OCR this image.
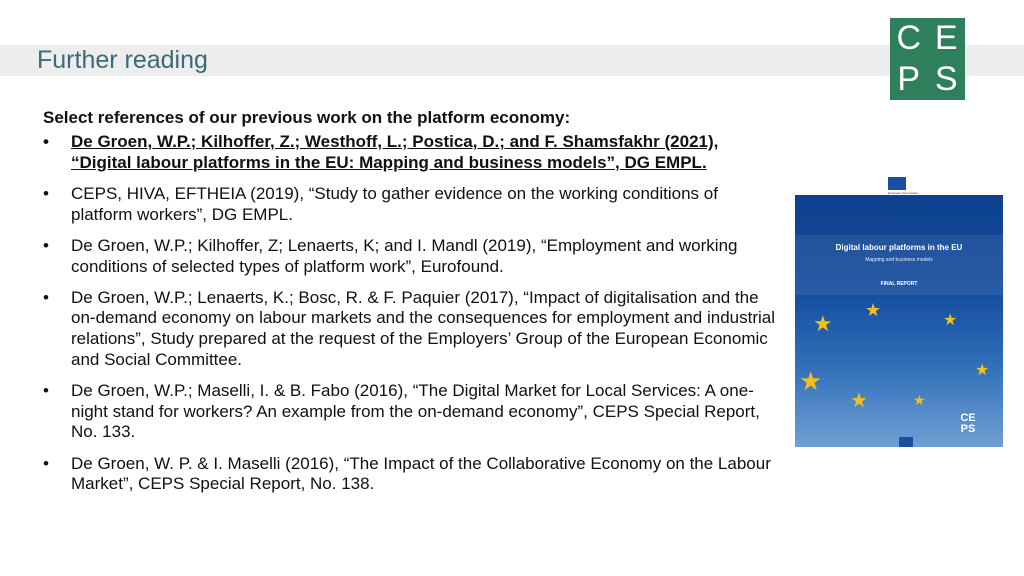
Further reading
C E
P S

Select references of our previous work on the platform economy:

• De Groen, W.P.; Kilhoffer, Z.; Westhoff, L.; Postica, D.; and F. Shamsfakhr (2021), “Digital labour platforms in the EU: Mapping and business models”, DG EMPL.
• CEPS, HIVA, EFTHEIA (2019), “Study to gather evidence on the working conditions of platform workers”, DG EMPL.
• De Groen, W.P.; Kilhoffer, Z; Lenaerts, K; and I. Mandl (2019), “Employment and working conditions of selected types of platform work”, Eurofound.
• De Groen, W.P.; Lenaerts, K.; Bosc, R. & F. Paquier (2017), “Impact of digitalisation and the on-demand economy on labour markets and the consequences for employment and industrial relations”, Study prepared at the request of the Employers’ Group of the European Economic and Social Committee.
• De Groen, W.P.; Maselli, I. & B. Fabo (2016), “The Digital Market for Local Services: A one-night stand for workers? An example from the on-demand economy”, CEPS Special Report, No. 133.
• De Groen, W. P. & I. Maselli (2016), “The Impact of the Collaborative Economy on the Labour Market”, CEPS Special Report, No. 138.
European Commission
Digital labour platforms in the EU
Mapping and business models
FINAL REPORT
★
★
★
★	★
★	★
CE
PS
